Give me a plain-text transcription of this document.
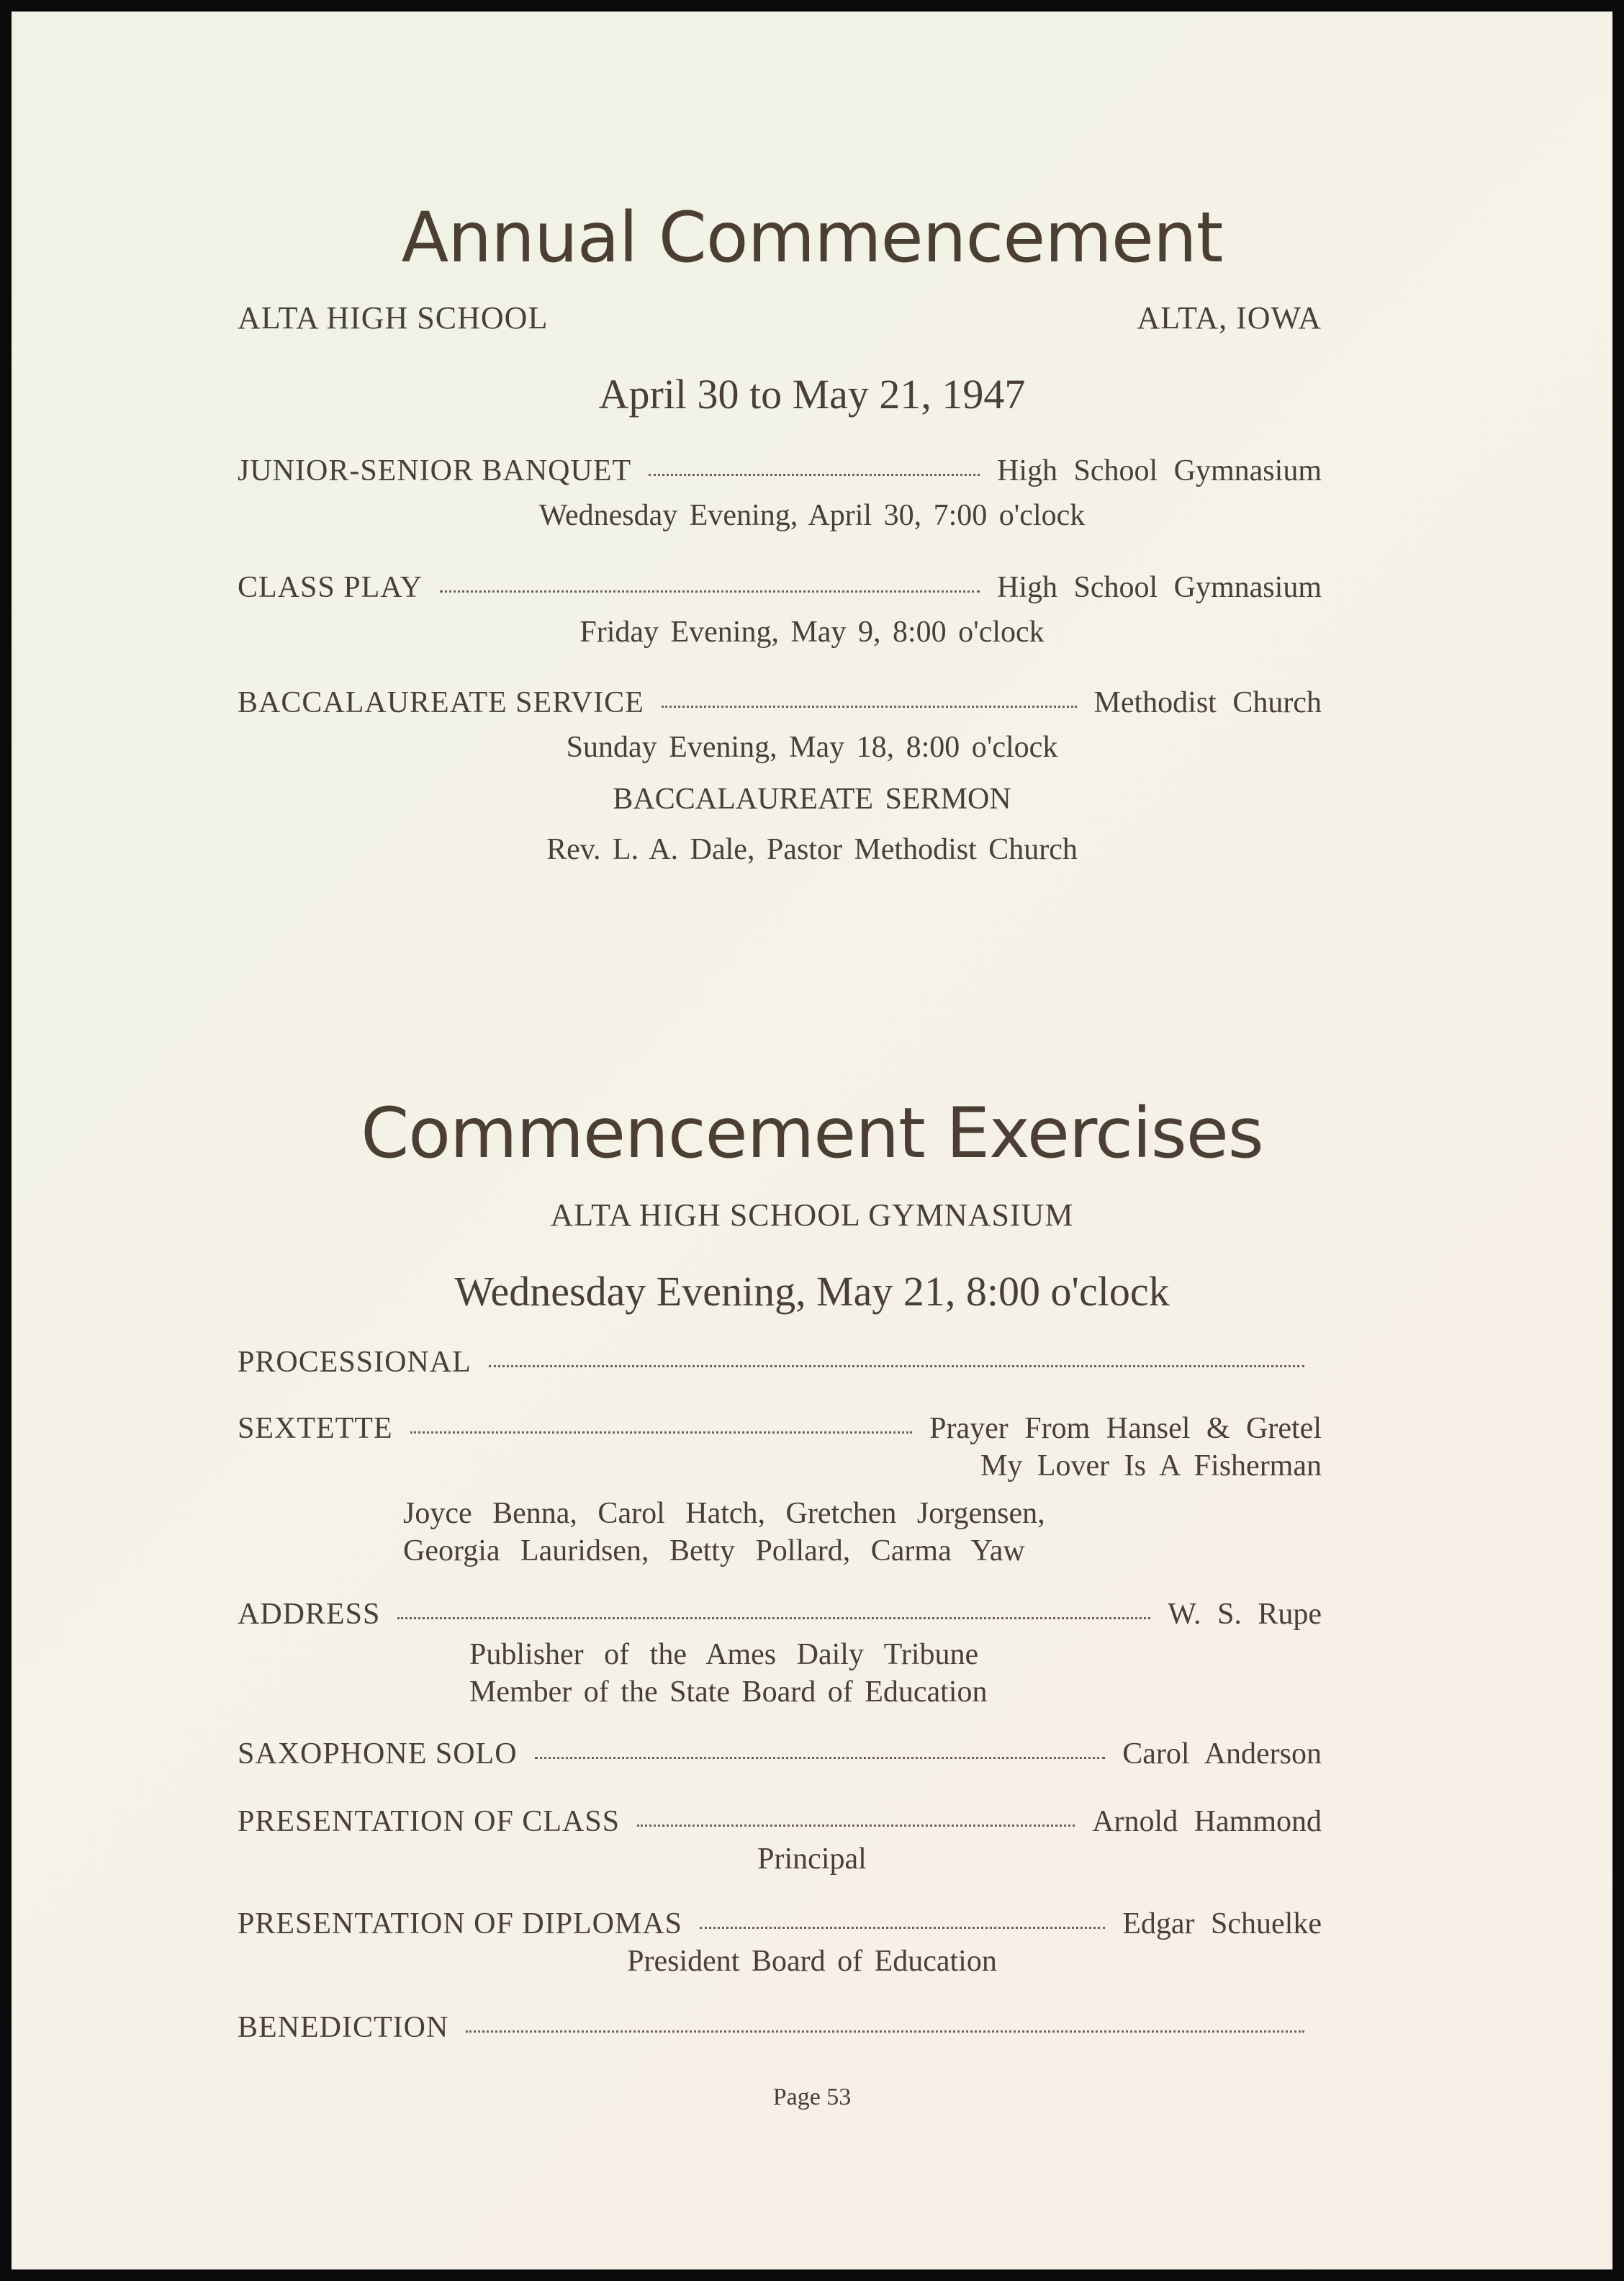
Annual Commencement
ALTA HIGH SCHOOL	ALTA, IOWA
April 30 to May 21, 1947
JUNIOR-SENIOR BANQUET	High School Gymnasium
Wednesday Evening, April 30, 7:00 o'clock
CLASS PLAY	High School Gymnasium
Friday Evening, May 9, 8:00 o'clock
BACCALAUREATE SERVICE	Methodist Church
Sunday Evening, May 18, 8:00 o'clock
BACCALAUREATE SERMON
Rev. L. A. Dale, Pastor Methodist Church
Commencement Exercises
ALTA HIGH SCHOOL GYMNASIUM
Wednesday Evening, May 21, 8:00 o'clock
PROCESSIONAL
SEXTETTE	Prayer From Hansel & Gretel
My Lover Is A Fisherman
Joyce Benna, Carol Hatch, Gretchen Jorgensen,
Georgia Lauridsen, Betty Pollard, Carma Yaw
ADDRESS	W. S. Rupe
Publisher of the Ames Daily Tribune
Member of the State Board of Education
SAXOPHONE SOLO	Carol Anderson
PRESENTATION OF CLASS	Arnold Hammond
Principal
PRESENTATION OF DIPLOMAS	Edgar Schuelke
President Board of Education
BENEDICTION
Page 53
